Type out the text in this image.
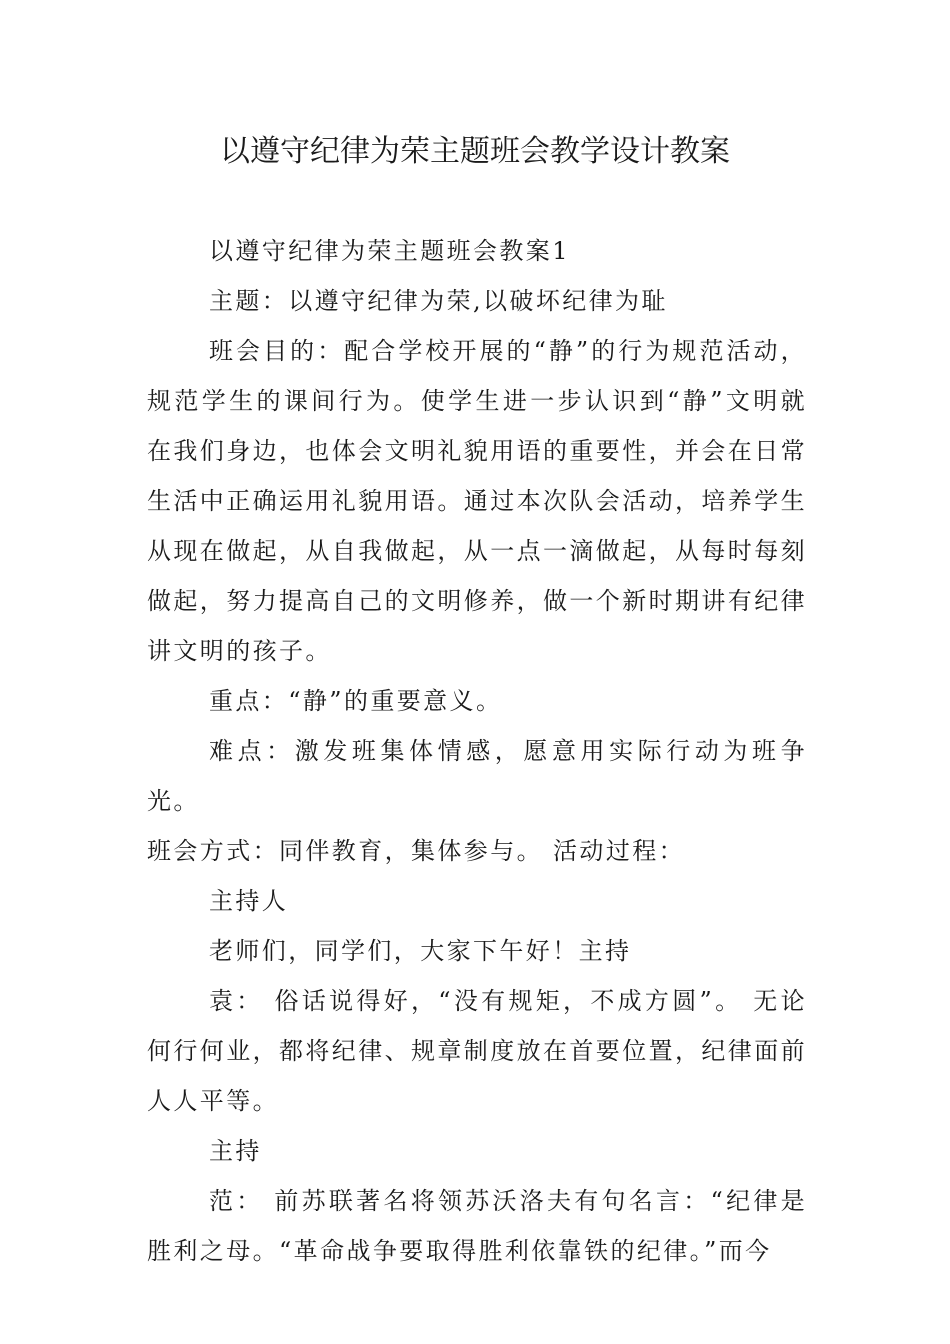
以遵守纪律为荣主题班会教学设计教案

以遵守纪律为荣主题班会教案1

主题：以遵守纪律为荣,以破坏纪律为耻

班会目的：配合学校开展的“静”的行为规范活动，规范学生的课间行为。使学生进一步认识到“静”文明就在我们身边，也体会文明礼貌用语的重要性，并会在日常生活中正确运用礼貌用语。通过本次队会活动，培养学生从现在做起，从自我做起，从一点一滴做起，从每时每刻做起，努力提高自己的文明修养，做一个新时期讲有纪律讲文明的孩子。

重点：“静”的重要意义。

难点：激发班集体情感，愿意用实际行动为班争光。

班会方式：同伴教育，集体参与。 活动过程：

主持人

老师们，同学们，大家下午好！主持

袁： 俗话说得好，“没有规矩，不成方圆”。 无论何行何业，都将纪律、规章制度放在首要位置，纪律面前人人平等。

主持

范： 前苏联著名将领苏沃洛夫有句名言：“纪律是胜利之母。“革命战争要取得胜利依靠铁的纪律。”而今
